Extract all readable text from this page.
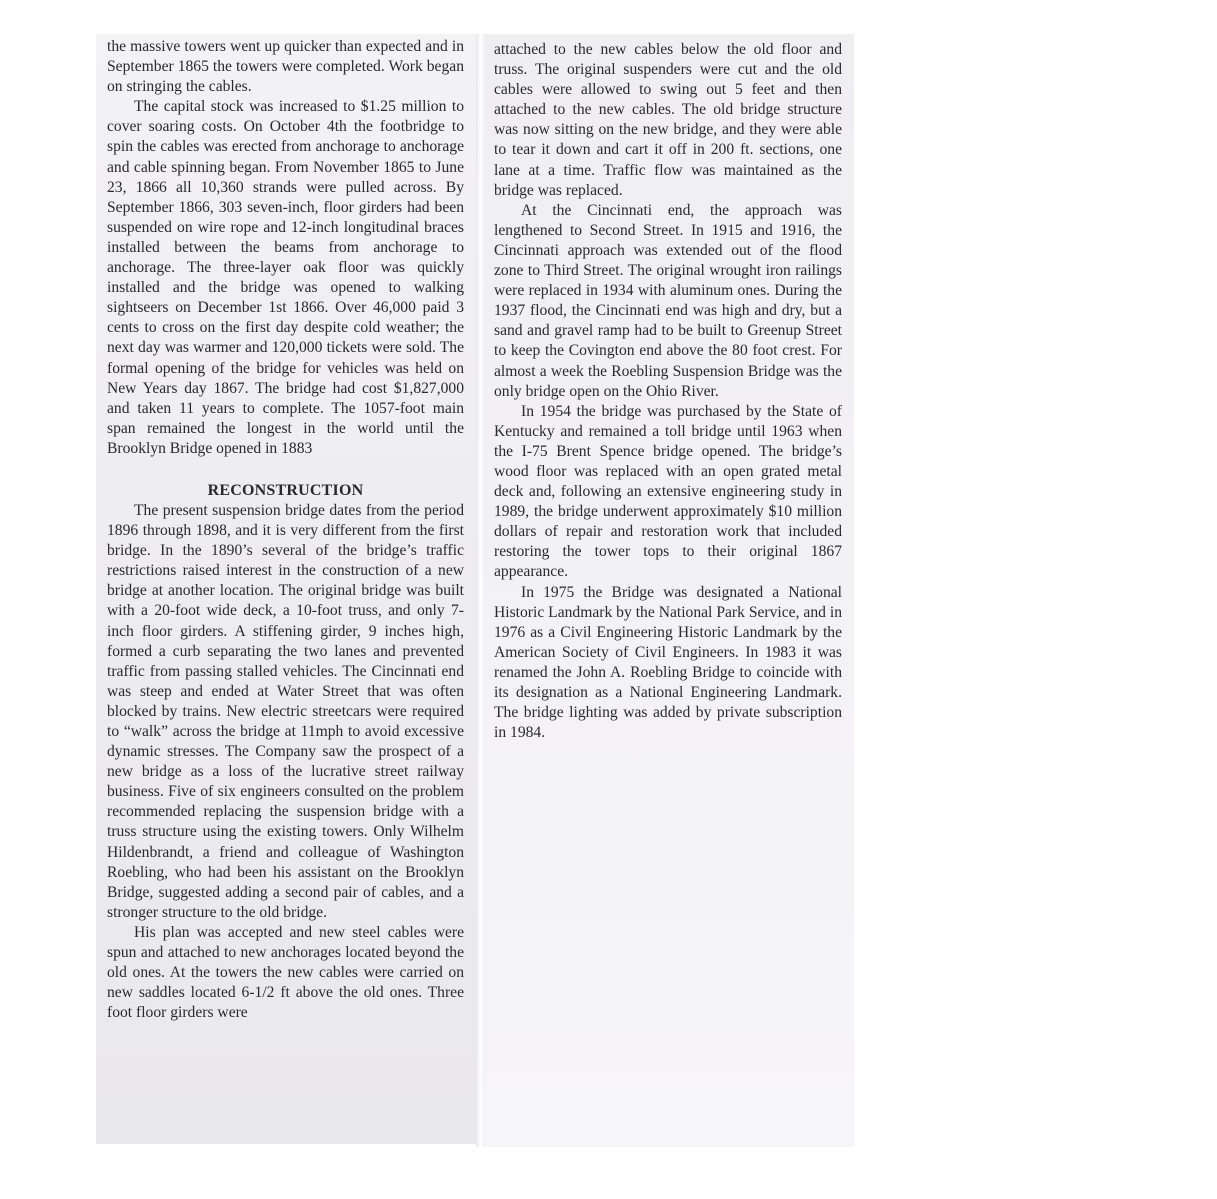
the massive towers went up quicker than expected and in September 1865 the towers were completed. Work began on stringing the cables.

The capital stock was increased to $1.25 million to cover soaring costs. On October 4th the footbridge to spin the cables was erected from anchorage to anchorage and cable spinning began. From November 1865 to June 23, 1866 all 10,360 strands were pulled across. By September 1866, 303 seven-inch, floor girders had been suspended on wire rope and 12-inch longitudinal braces installed between the beams from anchorage to anchorage. The three-layer oak floor was quickly installed and the bridge was opened to walking sightseers on December 1st 1866. Over 46,000 paid 3 cents to cross on the first day despite cold weather; the next day was warmer and 120,000 tickets were sold. The formal opening of the bridge for vehicles was held on New Years day 1867. The bridge had cost $1,827,000 and taken 11 years to complete. The 1057-foot main span remained the longest in the world until the Brooklyn Bridge opened in 1883

RECONSTRUCTION

The present suspension bridge dates from the period 1896 through 1898, and it is very different from the first bridge. In the 1890’s several of the bridge’s traffic restrictions raised interest in the construction of a new bridge at another location. The original bridge was built with a 20-foot wide deck, a 10-foot truss, and only 7-inch floor girders. A stiffening girder, 9 inches high, formed a curb separating the two lanes and prevented traffic from passing stalled vehicles. The Cincinnati end was steep and ended at Water Street that was often blocked by trains. New electric streetcars were required to “walk” across the bridge at 11mph to avoid excessive dynamic stresses. The Company saw the prospect of a new bridge as a loss of the lucrative street railway business. Five of six engineers consulted on the problem recommended replacing the suspension bridge with a truss structure using the existing towers. Only Wilhelm Hildenbrandt, a friend and colleague of Washington Roebling, who had been his assistant on the Brooklyn Bridge, suggested adding a second pair of cables, and a stronger structure to the old bridge.

His plan was accepted and new steel cables were spun and attached to new anchorages located beyond the old ones. At the towers the new cables were carried on new saddles located 6-1/2 ft above the old ones. Three foot floor girders were

attached to the new cables below the old floor and truss. The original suspenders were cut and the old cables were allowed to swing out 5 feet and then attached to the new cables. The old bridge structure was now sitting on the new bridge, and they were able to tear it down and cart it off in 200 ft. sections, one lane at a time. Traffic flow was maintained as the bridge was replaced.

At the Cincinnati end, the approach was lengthened to Second Street. In 1915 and 1916, the Cincinnati approach was extended out of the flood zone to Third Street. The original wrought iron railings were replaced in 1934 with aluminum ones. During the 1937 flood, the Cincinnati end was high and dry, but a sand and gravel ramp had to be built to Greenup Street to keep the Covington end above the 80 foot crest. For almost a week the Roebling Suspension Bridge was the only bridge open on the Ohio River.

In 1954 the bridge was purchased by the State of Kentucky and remained a toll bridge until 1963 when the I-75 Brent Spence bridge opened. The bridge’s wood floor was replaced with an open grated metal deck and, following an extensive engineering study in 1989, the bridge underwent approximately $10 million dollars of repair and restoration work that included restoring the tower tops to their original 1867 appearance.

In 1975 the Bridge was designated a National Historic Landmark by the National Park Service, and in 1976 as a Civil Engineering Historic Landmark by the American Society of Civil Engineers. In 1983 it was renamed the John A. Roebling Bridge to coincide with its designation as a National Engineering Landmark. The bridge lighting was added by private subscription in 1984.
